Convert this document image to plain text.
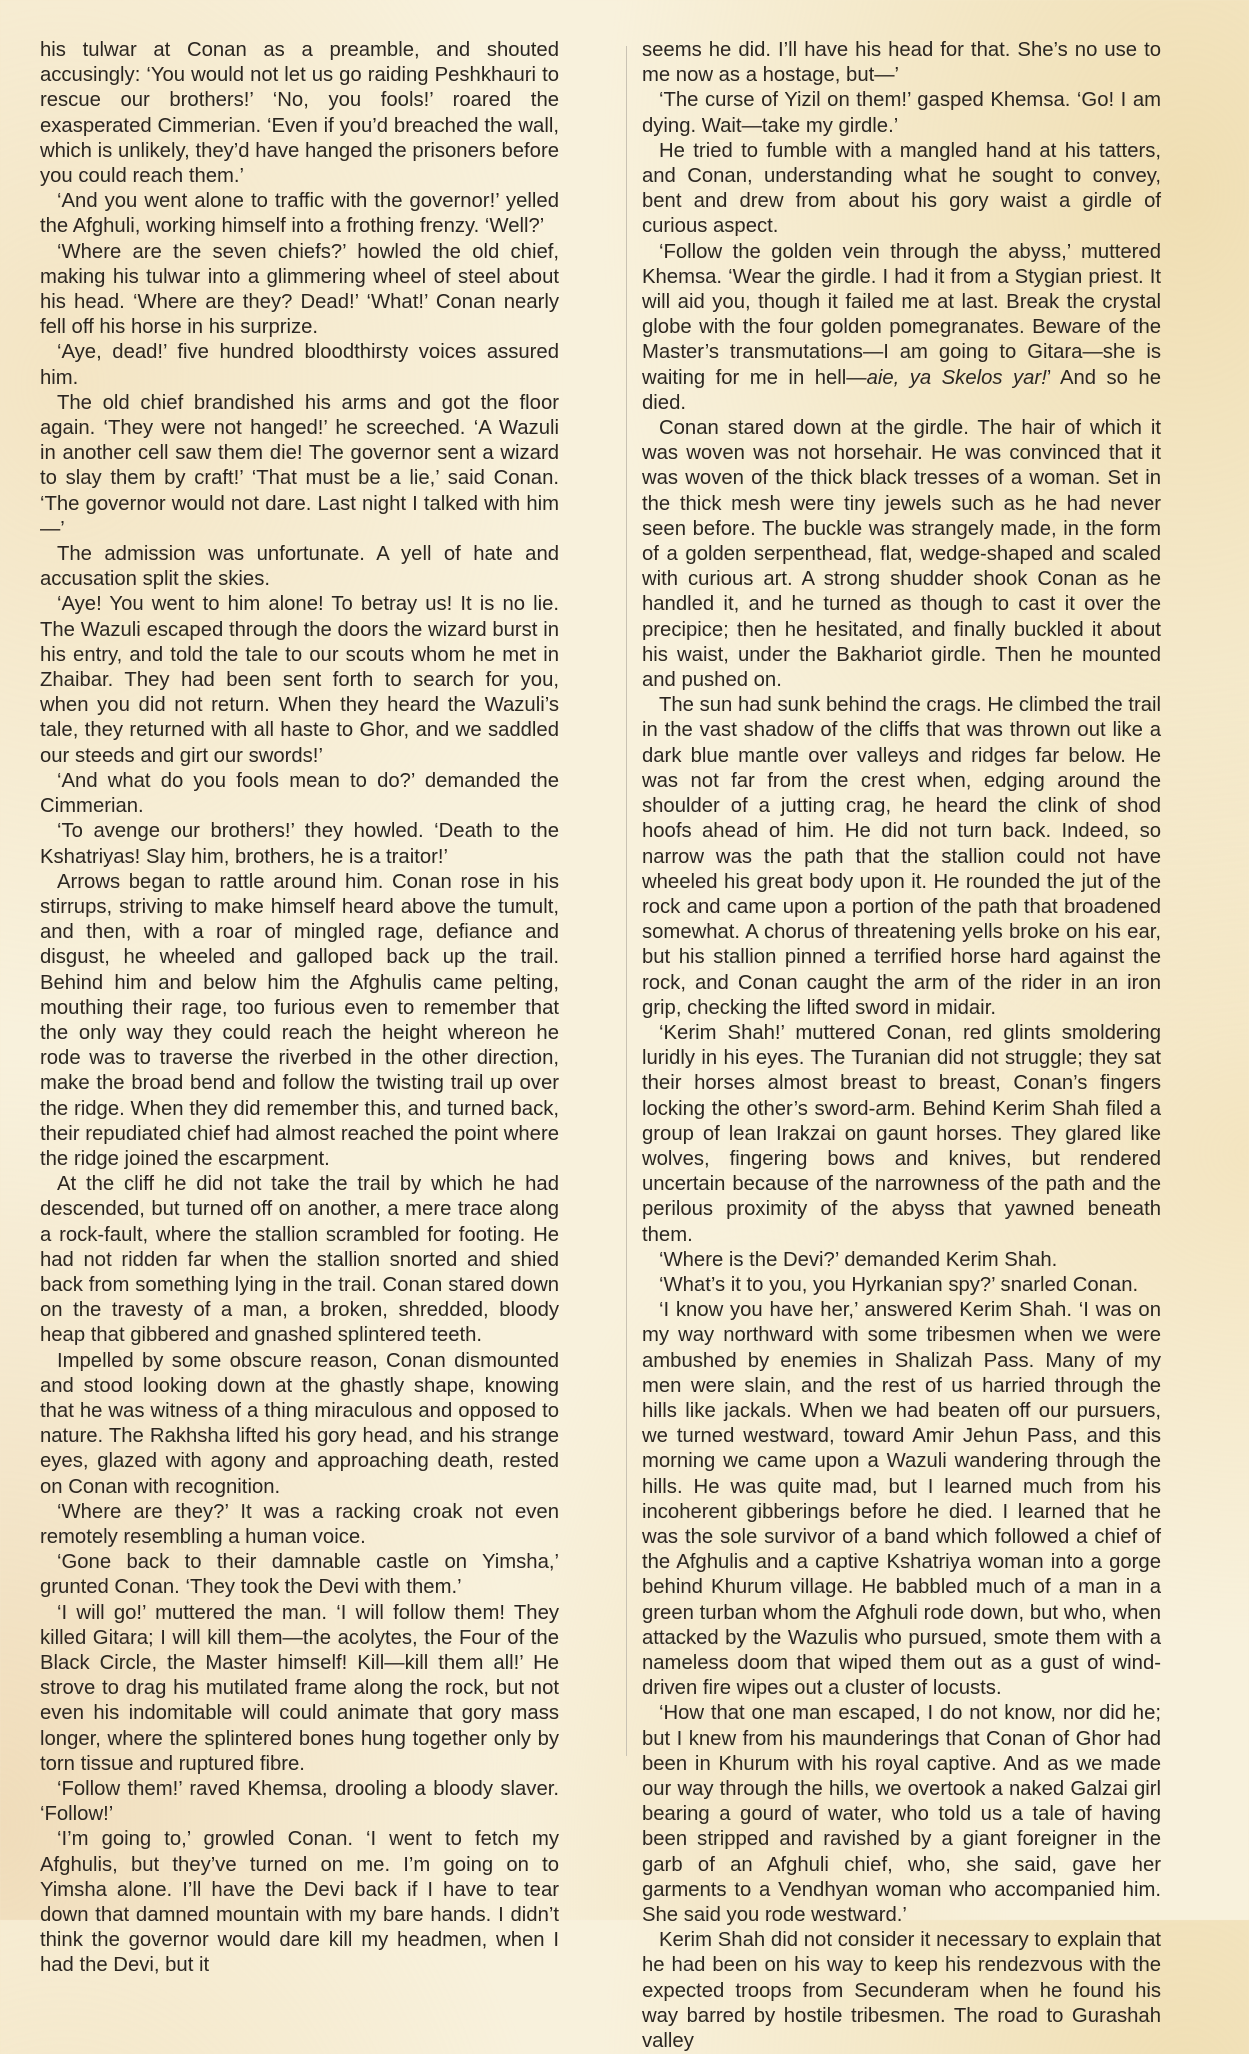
his tulwar at Conan as a preamble, and shouted accusingly: ‘You would not let us go raiding Peshkhauri to rescue our brothers!’ ‘No, you fools!’ roared the exasperated Cimmerian. ‘Even if you’d breached the wall, which is unlikely, they’d have hanged the prisoners before you could reach them.’

‘And you went alone to traffic with the governor!’ yelled the Afghuli, working himself into a frothing frenzy. ‘Well?’

‘Where are the seven chiefs?’ howled the old chief, making his tulwar into a glimmering wheel of steel about his head. ‘Where are they? Dead!’ ‘What!’ Conan nearly fell off his horse in his surprize.

‘Aye, dead!’ five hundred bloodthirsty voices assured him.

The old chief brandished his arms and got the floor again. ‘They were not hanged!’ he screeched. ‘A Wazuli in another cell saw them die! The governor sent a wizard to slay them by craft!’ ‘That must be a lie,’ said Conan. ‘The governor would not dare. Last night I talked with him—’

The admission was unfortunate. A yell of hate and accusation split the skies.

‘Aye! You went to him alone! To betray us! It is no lie. The Wazuli escaped through the doors the wizard burst in his entry, and told the tale to our scouts whom he met in Zhaibar. They had been sent forth to search for you, when you did not return. When they heard the Wazuli’s tale, they returned with all haste to Ghor, and we saddled our steeds and girt our swords!’

‘And what do you fools mean to do?’ demanded the Cimmerian.

‘To avenge our brothers!’ they howled. ‘Death to the Kshatriyas! Slay him, brothers, he is a traitor!’

Arrows began to rattle around him. Conan rose in his stirrups, striving to make himself heard above the tumult, and then, with a roar of mingled rage, defiance and disgust, he wheeled and galloped back up the trail. Behind him and below him the Afghulis came pelting, mouthing their rage, too furious even to remember that the only way they could reach the height whereon he rode was to traverse the riverbed in the other direction, make the broad bend and follow the twisting trail up over the ridge. When they did remember this, and turned back, their repudiated chief had almost reached the point where the ridge joined the escarpment.

At the cliff he did not take the trail by which he had descended, but turned off on another, a mere trace along a rock-fault, where the stallion scrambled for footing. He had not ridden far when the stallion snorted and shied back from something lying in the trail. Conan stared down on the travesty of a man, a broken, shredded, bloody heap that gibbered and gnashed splintered teeth.

Impelled by some obscure reason, Conan dismounted and stood looking down at the ghastly shape, knowing that he was witness of a thing miraculous and opposed to nature. The Rakhsha lifted his gory head, and his strange eyes, glazed with agony and approaching death, rested on Conan with recognition.

‘Where are they?’ It was a racking croak not even remotely resembling a human voice.

‘Gone back to their damnable castle on Yimsha,’ grunted Conan. ‘They took the Devi with them.’

‘I will go!’ muttered the man. ‘I will follow them! They killed Gitara; I will kill them—the acolytes, the Four of the Black Circle, the Master himself! Kill—kill them all!’ He strove to drag his mutilated frame along the rock, but not even his indomitable will could animate that gory mass longer, where the splintered bones hung together only by torn tissue and ruptured fibre.

‘Follow them!’ raved Khemsa, drooling a bloody slaver. ‘Follow!’

‘I’m going to,’ growled Conan. ‘I went to fetch my Afghulis, but they’ve turned on me. I’m going on to Yimsha alone. I’ll have the Devi back if I have to tear down that damned mountain with my bare hands. I didn’t think the governor would dare kill my headmen, when I had the Devi, but it

seems he did. I’ll have his head for that. She’s no use to me now as a hostage, but—’

‘The curse of Yizil on them!’ gasped Khemsa. ‘Go! I am dying. Wait—take my girdle.’

He tried to fumble with a mangled hand at his tatters, and Conan, understanding what he sought to convey, bent and drew from about his gory waist a girdle of curious aspect.

‘Follow the golden vein through the abyss,’ muttered Khemsa. ‘Wear the girdle. I had it from a Stygian priest. It will aid you, though it failed me at last. Break the crystal globe with the four golden pomegranates. Beware of the Master’s transmutations—I am going to Gitara—she is waiting for me in hell—aie, ya Skelos yar!’ And so he died.

Conan stared down at the girdle. The hair of which it was woven was not horsehair. He was convinced that it was woven of the thick black tresses of a woman. Set in the thick mesh were tiny jewels such as he had never seen before. The buckle was strangely made, in the form of a golden serpenthead, flat, wedge-shaped and scaled with curious art. A strong shudder shook Conan as he handled it, and he turned as though to cast it over the precipice; then he hesitated, and finally buckled it about his waist, under the Bakhariot girdle. Then he mounted and pushed on.

The sun had sunk behind the crags. He climbed the trail in the vast shadow of the cliffs that was thrown out like a dark blue mantle over valleys and ridges far below. He was not far from the crest when, edging around the shoulder of a jutting crag, he heard the clink of shod hoofs ahead of him. He did not turn back. Indeed, so narrow was the path that the stallion could not have wheeled his great body upon it. He rounded the jut of the rock and came upon a portion of the path that broadened somewhat. A chorus of threatening yells broke on his ear, but his stallion pinned a terrified horse hard against the rock, and Conan caught the arm of the rider in an iron grip, checking the lifted sword in midair.

‘Kerim Shah!’ muttered Conan, red glints smoldering luridly in his eyes. The Turanian did not struggle; they sat their horses almost breast to breast, Conan’s fingers locking the other’s sword-arm. Behind Kerim Shah filed a group of lean Irakzai on gaunt horses. They glared like wolves, fingering bows and knives, but rendered uncertain because of the narrowness of the path and the perilous proximity of the abyss that yawned beneath them.

‘Where is the Devi?’ demanded Kerim Shah.

‘What’s it to you, you Hyrkanian spy?’ snarled Conan.

‘I know you have her,’ answered Kerim Shah. ‘I was on my way northward with some tribesmen when we were ambushed by enemies in Shalizah Pass. Many of my men were slain, and the rest of us harried through the hills like jackals. When we had beaten off our pursuers, we turned westward, toward Amir Jehun Pass, and this morning we came upon a Wazuli wandering through the hills. He was quite mad, but I learned much from his incoherent gibberings before he died. I learned that he was the sole survivor of a band which followed a chief of the Afghulis and a captive Kshatriya woman into a gorge behind Khurum village. He babbled much of a man in a green turban whom the Afghuli rode down, but who, when attacked by the Wazulis who pursued, smote them with a nameless doom that wiped them out as a gust of wind-driven fire wipes out a cluster of locusts.

‘How that one man escaped, I do not know, nor did he; but I knew from his maunderings that Conan of Ghor had been in Khurum with his royal captive. And as we made our way through the hills, we overtook a naked Galzai girl bearing a gourd of water, who told us a tale of having been stripped and ravished by a giant foreigner in the garb of an Afghuli chief, who, she said, gave her garments to a Vendhyan woman who accompanied him. She said you rode westward.’

Kerim Shah did not consider it necessary to explain that he had been on his way to keep his rendezvous with the expected troops from Secunderam when he found his way barred by hostile tribesmen. The road to Gurashah valley
